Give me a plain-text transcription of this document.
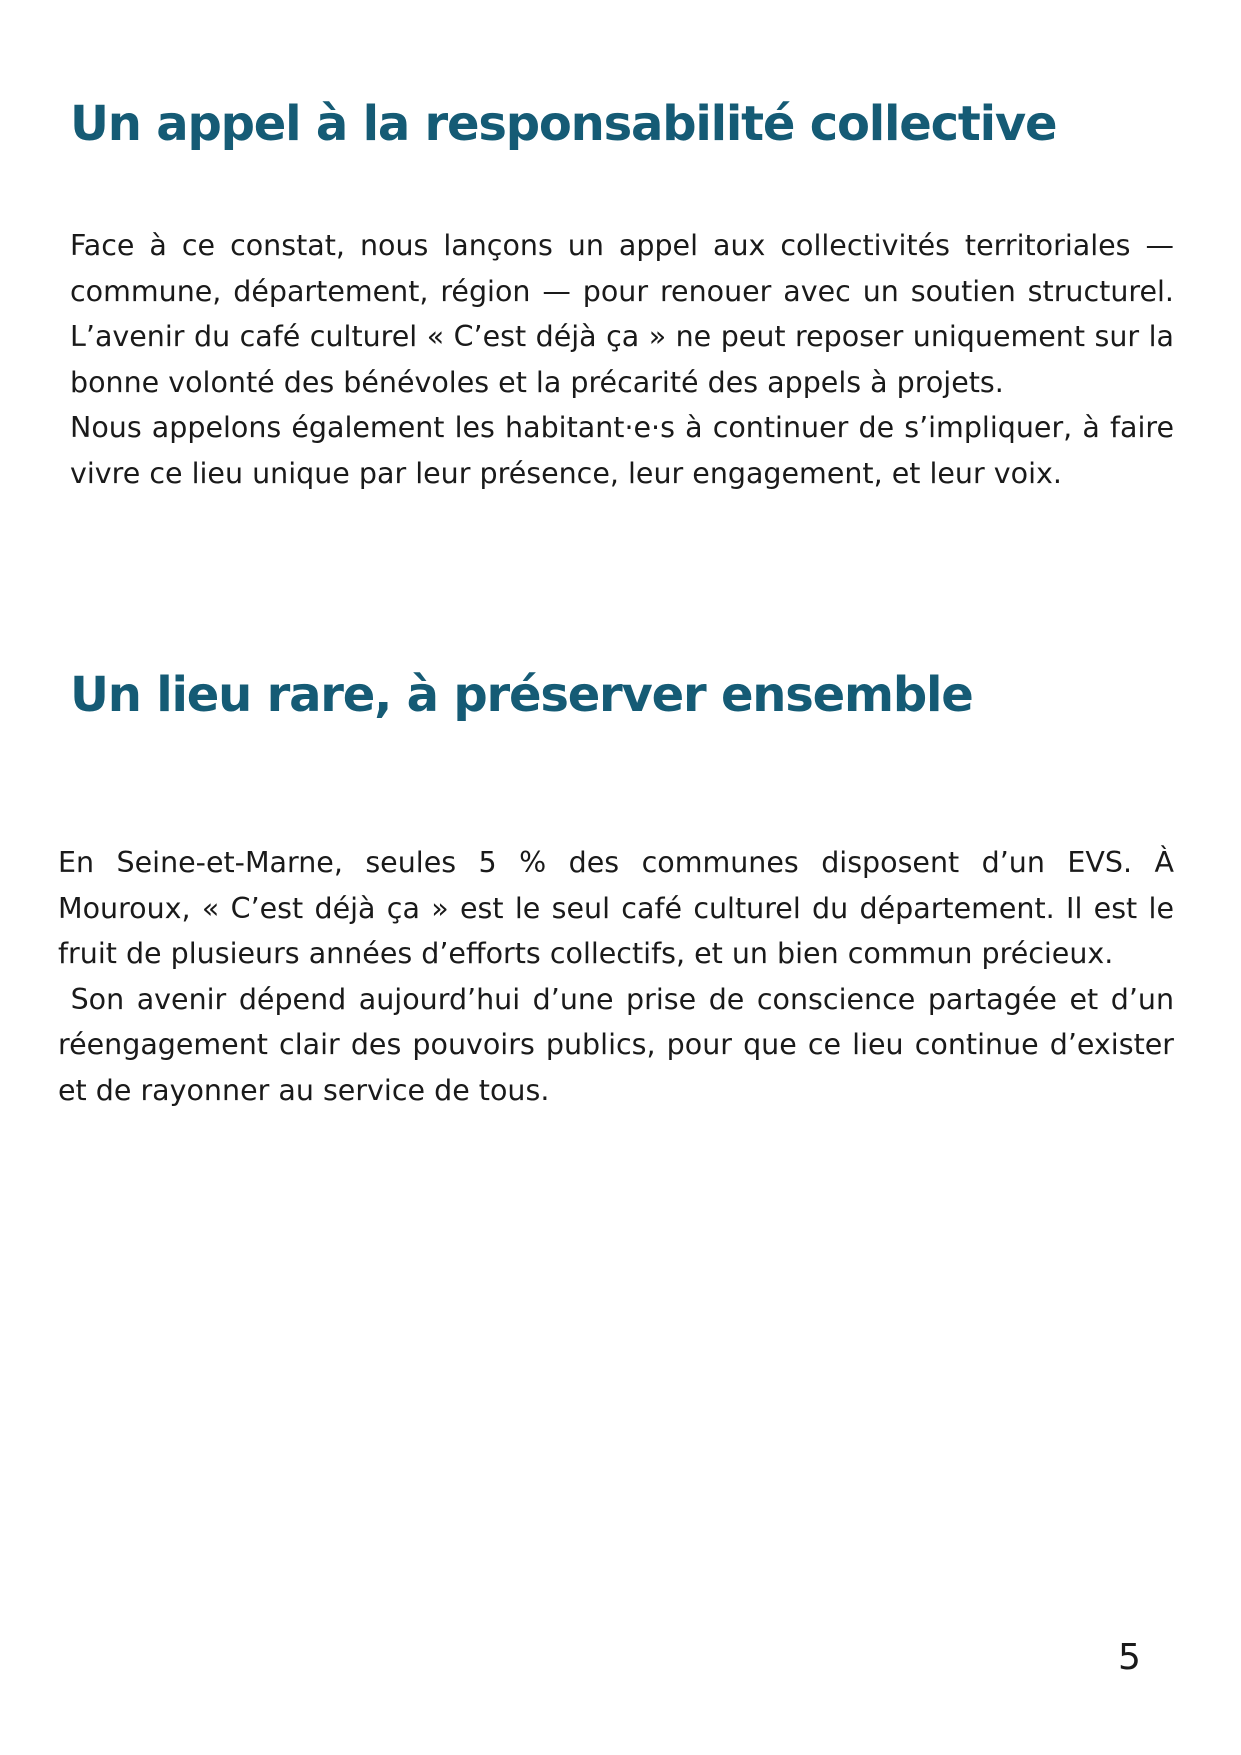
Un appel à la responsabilité collective

Face à ce constat, nous lançons un appel aux collectivités territoriales — commune, département, région — pour renouer avec un soutien structurel. L’avenir du café culturel « C’est déjà ça » ne peut reposer uniquement sur la bonne volonté des bénévoles et la précarité des appels à projets.

Nous appelons également les habitant·e·s à continuer de s’impliquer, à faire vivre ce lieu unique par leur présence, leur engagement, et leur voix.

Un lieu rare, à préserver ensemble

En Seine-et-Marne, seules 5 % des communes disposent d’un EVS. À Mouroux, « C’est déjà ça » est le seul café culturel du département. Il est le fruit de plusieurs années d’efforts collectifs, et un bien commun précieux.

Son avenir dépend aujourd’hui d’une prise de conscience partagée et d’un réengagement clair des pouvoirs publics, pour que ce lieu continue d’exister et de rayonner au service de tous.

5
